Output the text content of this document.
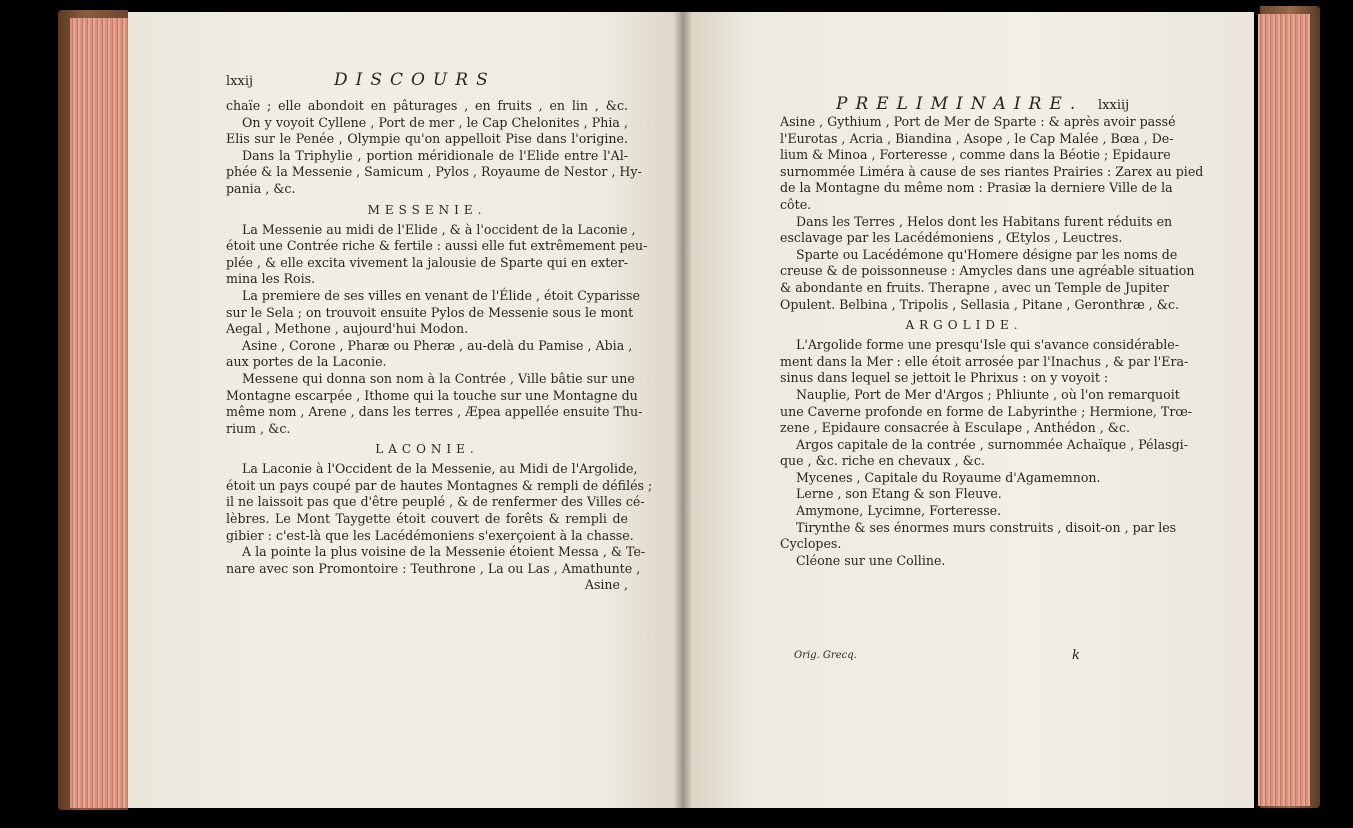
lxxij	DISCOURS
chaïe ; elle abondoit en pâturages , en fruits , en lin , &c.
On y voyoit Cyllene , Port de mer , le Cap Chelonites , Phia ,
Elis sur le Penée , Olympie qu'on appelloit Pise dans l'origine.
Dans la Triphylie , portion méridionale de l'Elide entre l'Al-
phée & la Messenie , Samicum , Pylos , Royaume de Nestor , Hy-
pania , &c.
MESSENIE.
La Messenie au midi de l'Elide , & à l'occident de la Laconie ,
étoit une Contrée riche & fertile : aussi elle fut extrêmement peu-
plée , & elle excita vivement la jalousie de Sparte qui en exter-
mina les Rois.
La premiere de ses villes en venant de l'Élide , étoit Cyparisse
sur le Sela ; on trouvoit ensuite Pylos de Messenie sous le mont
Aegal , Methone , aujourd'hui Modon.
Asine , Corone , Pharæ ou Pheræ , au-delà du Pamise , Abia ,
aux portes de la Laconie.
Messene qui donna son nom à la Contrée , Ville bâtie sur une
Montagne escarpée , Ithome qui la touche sur une Montagne du
même nom , Arene , dans les terres , Æpea appellée ensuite Thu-
rium , &c.
LACONIE.
La Laconie à l'Occident de la Messenie, au Midi de l'Argolide,
étoit un pays coupé par de hautes Montagnes & rempli de défilés ;
il ne laissoit pas que d'être peuplé , & de renfermer des Villes cé-
lèbres. Le Mont Taygette étoit couvert de forêts & rempli de
gibier : c'est-là que les Lacédémoniens s'exerçoient à la chasse.
A la pointe la plus voisine de la Messenie étoient Messa , & Te-
nare avec son Promontoire : Teuthrone , La ou Las , Amathunte ,
Asine ,
PRELIMINAIRE. lxxiij
Asine , Gythium , Port de Mer de Sparte : & après avoir passé
l'Eurotas , Acria , Biandina , Asope , le Cap Malée , Bœa , De-
lium & Minoa , Forteresse , comme dans la Béotie ; Epidaure
surnommée Liméra à cause de ses riantes Prairies : Zarex au pied
de la Montagne du même nom : Prasiæ la derniere Ville de la
côte.
Dans les Terres , Helos dont les Habitans furent réduits en
esclavage par les Lacédémoniens , Œtylos , Leuctres.
Sparte ou Lacédémone qu'Homere désigne par les noms de
creuse & de poissonneuse : Amycles dans une agréable situation
& abondante en fruits. Therapne , avec un Temple de Jupiter
Opulent. Belbina , Tripolis , Sellasia , Pitane , Geronthræ , &c.
ARGOLIDE.
L'Argolide forme une presqu'Isle qui s'avance considérable-
ment dans la Mer : elle étoit arrosée par l'Inachus , & par l'Era-
sinus dans lequel se jettoit le Phrixus : on y voyoit :
Nauplie, Port de Mer d'Argos ; Phliunte , où l'on remarquoit
une Caverne profonde en forme de Labyrinthe ; Hermione, Trœ-
zene , Epidaure consacrée à Esculape , Anthédon , &c.
Argos capitale de la contrée , surnommée Achaïque , Pélasgi-
que , &c. riche en chevaux , &c.
Mycenes , Capitale du Royaume d'Agamemnon.
Lerne , son Etang & son Fleuve.
Amymone, Lycimne, Forteresse.
Tirynthe & ses énormes murs construits , disoit-on , par les
Cyclopes.
Cléone sur une Colline.
Orig. Grecq.	k
